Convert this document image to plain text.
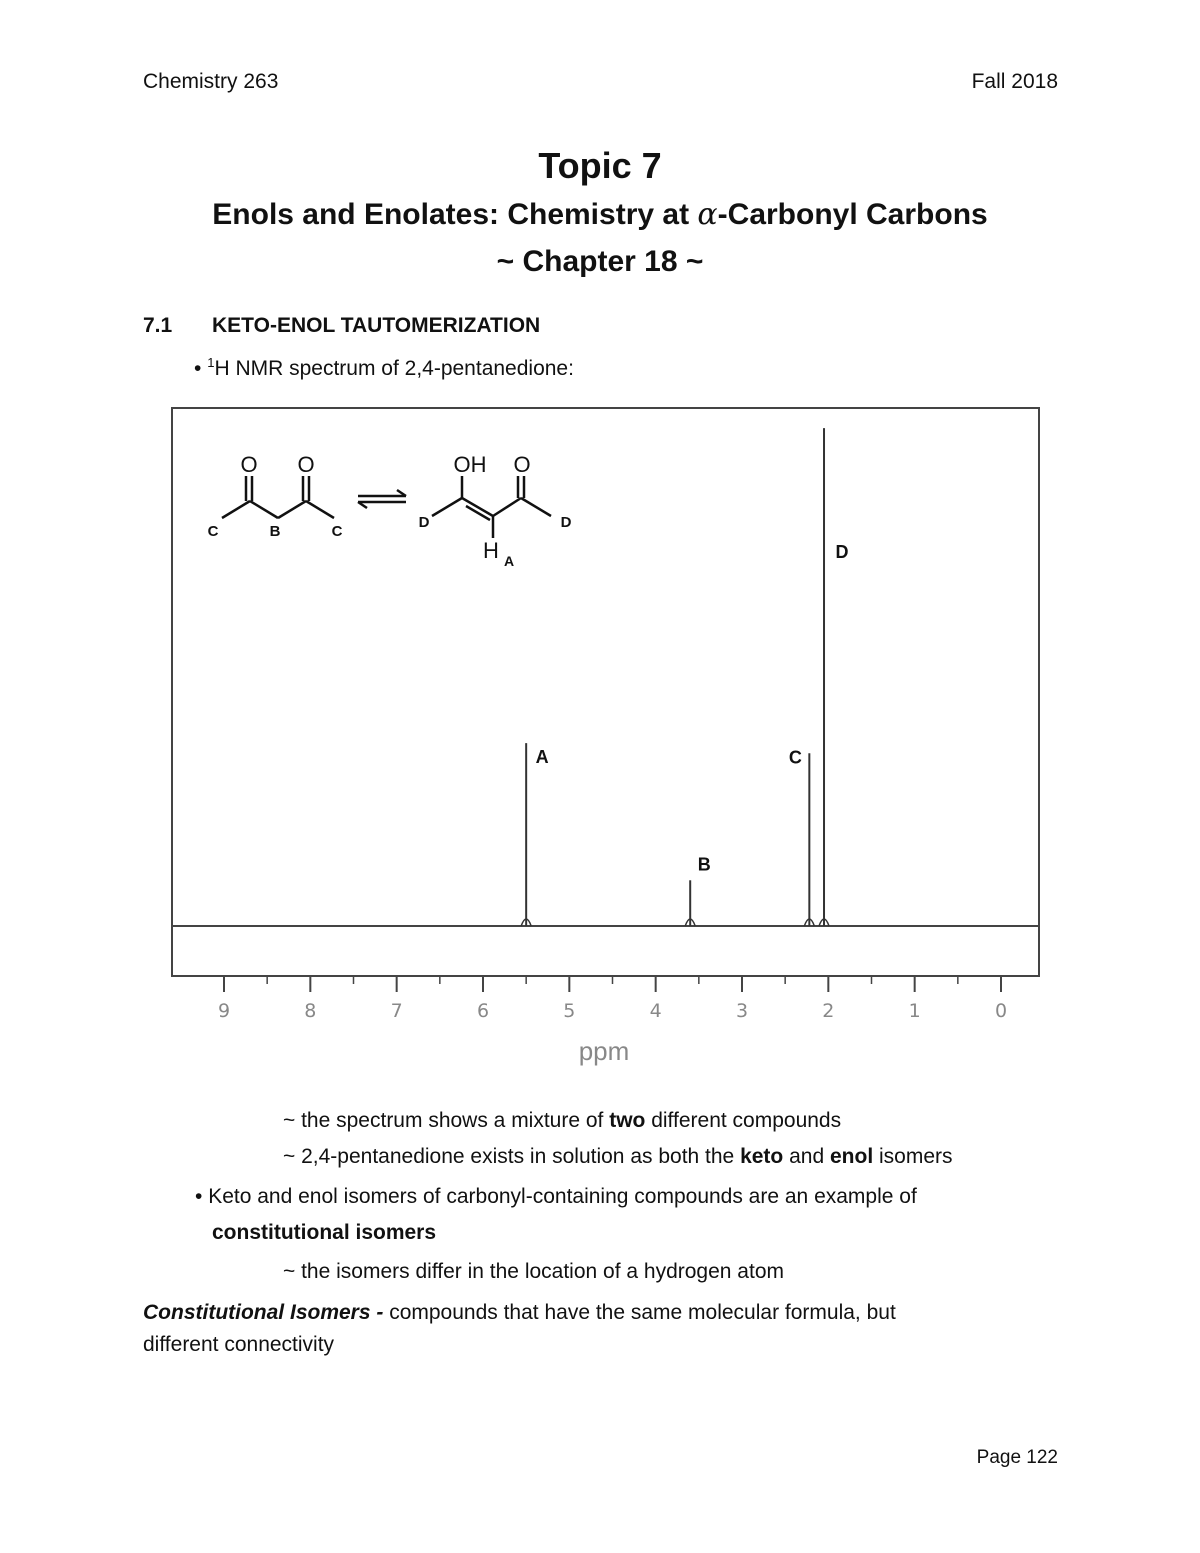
Chemistry 263	Fall 2018
Topic 7
Enols and Enolates: Chemistry at α-Carbonyl Carbons
~ Chapter 18 ~
7.1 KETO-ENOL TAUTOMERIZATION
• $^1$H NMR spectrum of 2,4-pentanedione:
9	8	7	6	5	4	3	2	1	0
A
B
C
D
ppm
O O
C	B	C
OH O
D	D
H A
~ the spectrum shows a mixture of two different compounds
~ 2,4-pentanedione exists in solution as both the keto and enol isomers
• Keto and enol isomers of carbonyl-containing compounds are an example of
constitutional isomers
~ the isomers differ in the location of a hydrogen atom
Constitutional Isomers - compounds that have the same molecular formula, but
different connectivity
Page 122
